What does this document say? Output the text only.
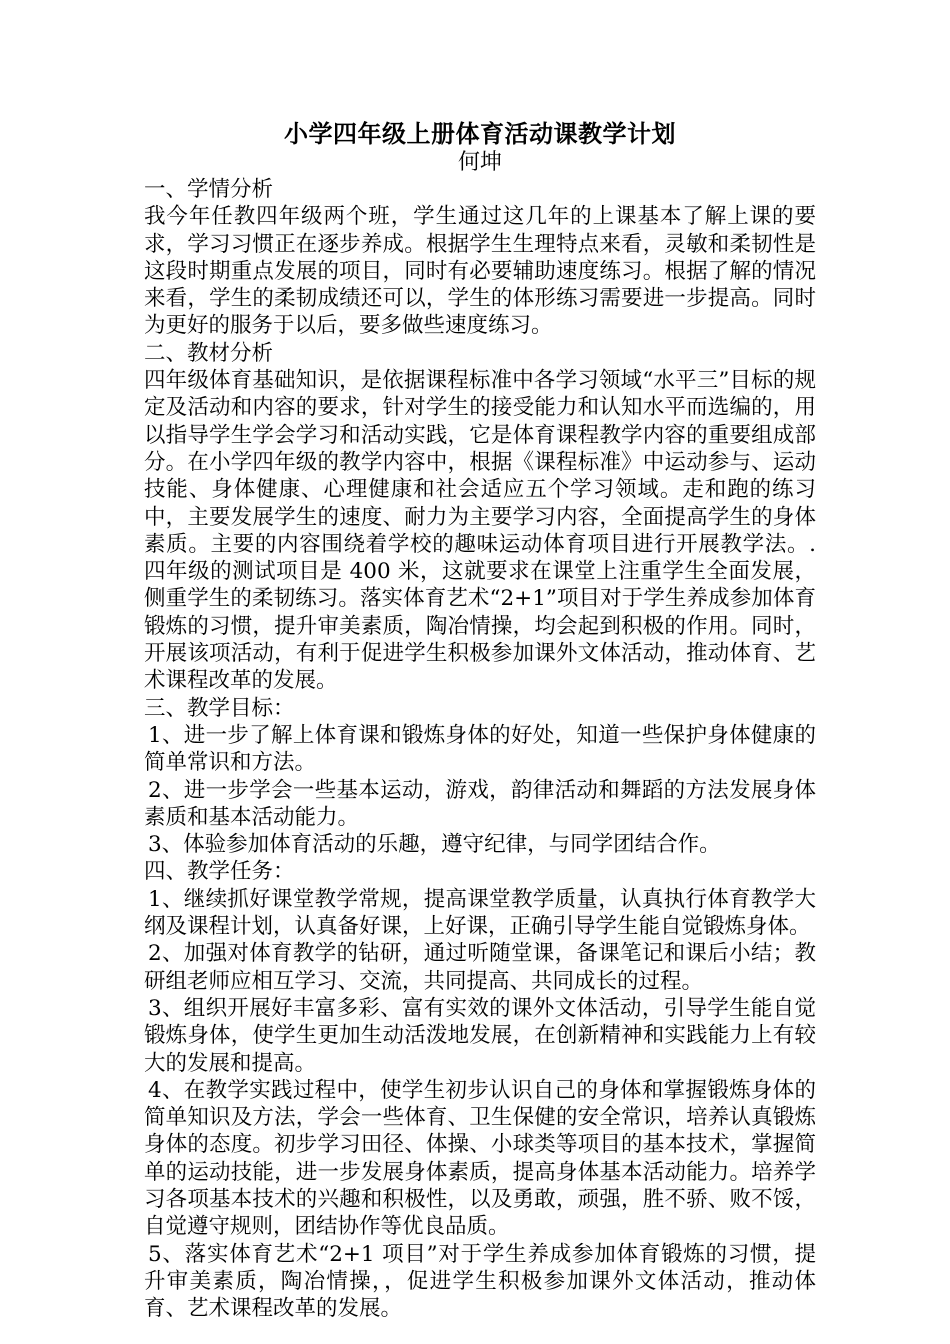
小学四年级上册体育活动课教学计划

何坤

一、学情分析

我今年任教四年级两个班，学生通过这几年的上课基本了解上课的要求，学习习惯正在逐步养成。根据学生生理特点来看，灵敏和柔韧性是这段时期重点发展的项目，同时有必要辅助速度练习。根据了解的情况来看，学生的柔韧成绩还可以，学生的体形练习需要进一步提高。同时为更好的服务于以后，要多做些速度练习。

二、教材分析

四年级体育基础知识，是依据课程标准中各学习领域“水平三”目标的规定及活动和内容的要求，针对学生的接受能力和认知水平而选编的，用以指导学生学会学习和活动实践，它是体育课程教学内容的重要组成部分。在小学四年级的教学内容中，根据《课程标准》中运动参与、运动技能、身体健康、心理健康和社会适应五个学习领域。走和跑的练习中，主要发展学生的速度、耐力为主要学习内容，全面提高学生的身体素质。主要的内容围绕着学校的趣味运动体育项目进行开展教学法。.四年级的测试项目是 400 米，这就要求在课堂上注重学生全面发展，侧重学生的柔韧练习。落实体育艺术“2+1”项目对于学生养成参加体育锻炼的习惯，提升审美素质，陶冶情操，均会起到积极的作用。同时，开展该项活动，有利于促进学生积极参加课外文体活动，推动体育、艺术课程改革的发展。

三、教学目标：

1、进一步了解上体育课和锻炼身体的好处，知道一些保护身体健康的简单常识和方法。

2、进一步学会一些基本运动，游戏，韵律活动和舞蹈的方法发展身体素质和基本活动能力。

3、体验参加体育活动的乐趣，遵守纪律，与同学团结合作。

四、教学任务：

1、继续抓好课堂教学常规，提高课堂教学质量，认真执行体育教学大纲及课程计划，认真备好课，上好课，正确引导学生能自觉锻炼身体。

2、加强对体育教学的钻研，通过听随堂课，备课笔记和课后小结；教研组老师应相互学习、交流，共同提高、共同成长的过程。

3、组织开展好丰富多彩、富有实效的课外文体活动，引导学生能自觉锻炼身体，使学生更加生动活泼地发展，在创新精神和实践能力上有较大的发展和提高。

4、在教学实践过程中，使学生初步认识自己的身体和掌握锻炼身体的简单知识及方法，学会一些体育、卫生保健的安全常识，培养认真锻炼身体的态度。初步学习田径、体操、小球类等项目的基本技术，掌握简单的运动技能，进一步发展身体素质，提高身体基本活动能力。培养学习各项基本技术的兴趣和积极性，以及勇敢，顽强，胜不骄、败不馁，自觉遵守规则，团结协作等优良品质。

5、落实体育艺术“2+1 项目”对于学生养成参加体育锻炼的习惯，提升审美素质，陶冶情操，，促进学生积极参加课外文体活动，推动体育、艺术课程改革的发展。
